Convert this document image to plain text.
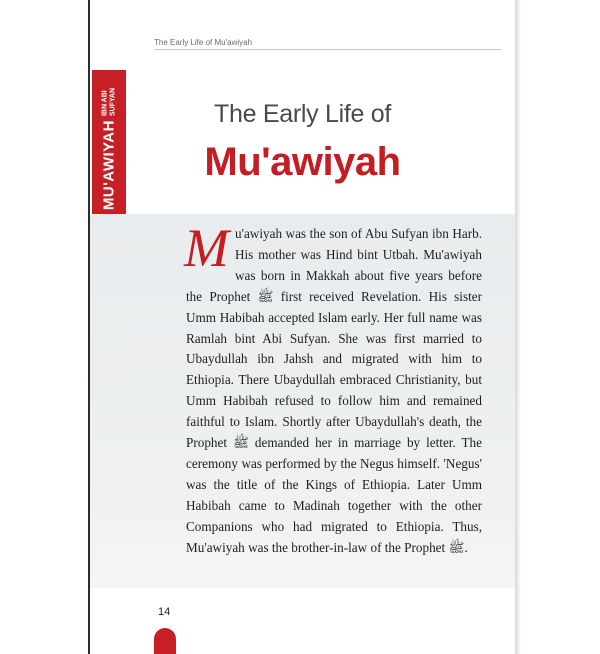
The Early Life of Mu'awiyah
MU'AWIYAH
IBN ABI SUFYAN	The Early Life of
Mu'awiyah

Mu'awiyah was the son of Abu Sufyan ibn Harb. His mother was Hind bint Utbah. Mu'awiyah was born in Makkah about five years before the Prophet ﷺ first received Revelation. His sister Umm Habibah accepted Islam early. Her full name was Ramlah bint Abi Sufyan. She was first married to Ubaydullah ibn Jahsh and migrated with him to Ethiopia. There Ubaydullah embraced Christianity, but Umm Habibah refused to follow him and remained faithful to Islam. Shortly after Ubaydullah's death, the Prophet ﷺ demanded her in marriage by letter. The ceremony was performed by the Negus himself. 'Negus' was the title of the Kings of Ethiopia. Later Umm Habibah came to Madinah together with the other Companions who had migrated to Ethiopia. Thus, Mu'awiyah was the brother-in-law of the Prophet ﷺ.

14
